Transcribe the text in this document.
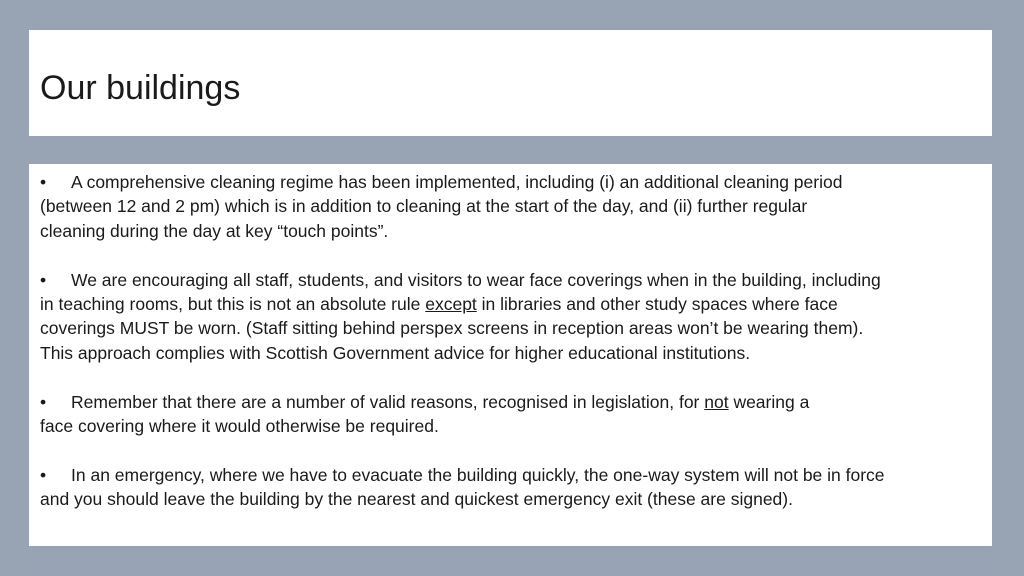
Our buildings
• A comprehensive cleaning regime has been implemented, including (i) an additional cleaning period
(between 12 and 2 pm) which is in addition to cleaning at the start of the day, and (ii) further regular
cleaning during the day at key “touch points”.
• We are encouraging all staff, students, and visitors to wear face coverings when in the building, including
in teaching rooms, but this is not an absolute rule except in libraries and other study spaces where face
coverings MUST be worn. (Staff sitting behind perspex screens in reception areas won’t be wearing them).
This approach complies with Scottish Government advice for higher educational institutions.
• Remember that there are a number of valid reasons, recognised in legislation, for not wearing a
face covering where it would otherwise be required.
• In an emergency, where we have to evacuate the building quickly, the one-way system will not be in force
and you should leave the building by the nearest and quickest emergency exit (these are signed).
